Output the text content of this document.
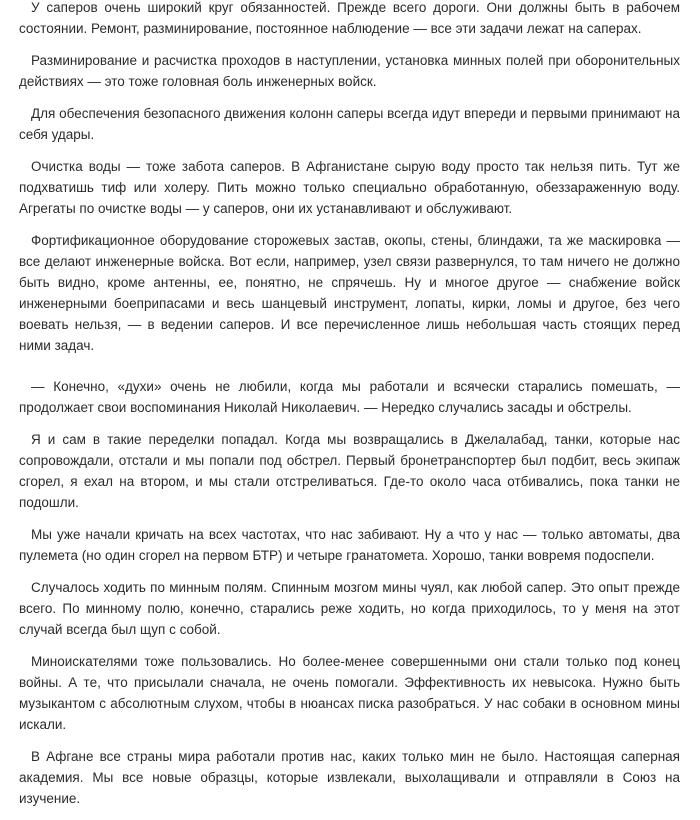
У саперов очень широкий круг обязанностей. Прежде всего дороги. Они должны быть в рабочем состоянии. Ремонт, разминирование, постоянное наблюдение — все эти задачи лежат на саперах.

Разминирование и расчистка проходов в наступлении, установка минных полей при оборонительных действиях — это тоже головная боль инженерных войск.

Для обеспечения безопасного движения колонн саперы всегда идут впереди и первыми принимают на себя удары.

Очистка воды — тоже забота саперов. В Афганистане сырую воду просто так нельзя пить. Тут же подхватишь тиф или холеру. Пить можно только специально обработанную, обеззараженную воду. Агрегаты по очистке воды — у саперов, они их устанавливают и обслуживают.

Фортификационное оборудование сторожевых застав, окопы, стены, блиндажи, та же маскировка — все делают инженерные войска. Вот если, например, узел связи развернулся, то там ничего не должно быть видно, кроме антенны, ее, понятно, не спрячешь. Ну и многое другое — снабжение войск инженерными боеприпасами и весь шанцевый инструмент, лопаты, кирки, ломы и другое, без чего воевать нельзя, — в ведении саперов. И все перечисленное лишь небольшая часть стоящих перед ними задач.

— Конечно, «духи» очень не любили, когда мы работали и всячески старались помешать, — продолжает свои воспоминания Николай Николаевич. — Нередко случались засады и обстрелы.

Я и сам в такие переделки попадал. Когда мы возвращались в Джелалабад, танки, которые нас сопровождали, отстали и мы попали под обстрел. Первый бронетранспортер был подбит, весь экипаж сгорел, я ехал на втором, и мы стали отстреливаться. Где-то около часа отбивались, пока танки не подошли.

Мы уже начали кричать на всех частотах, что нас забивают. Ну а что у нас — только автоматы, два пулемета (но один сгорел на первом БТР) и четыре гранатомета. Хорошо, танки вовремя подоспели.

Случалось ходить по минным полям. Спинным мозгом мины чуял, как любой сапер. Это опыт прежде всего. По минному полю, конечно, старались реже ходить, но когда приходилось, то у меня на этот случай всегда был щуп с собой.

Миноискателями тоже пользовались. Но более-менее совершенными они стали только под конец войны. А те, что присылали сначала, не очень помогали. Эффективность их невысока. Нужно быть музыкантом с абсолютным слухом, чтобы в нюансах писка разобраться. У нас собаки в основном мины искали.

В Афгане все страны мира работали против нас, каких только мин не было. Настоящая саперная академия. Мы все новые образцы, которые извлекали, выхолащивали и отправляли в Союз на изучение.
